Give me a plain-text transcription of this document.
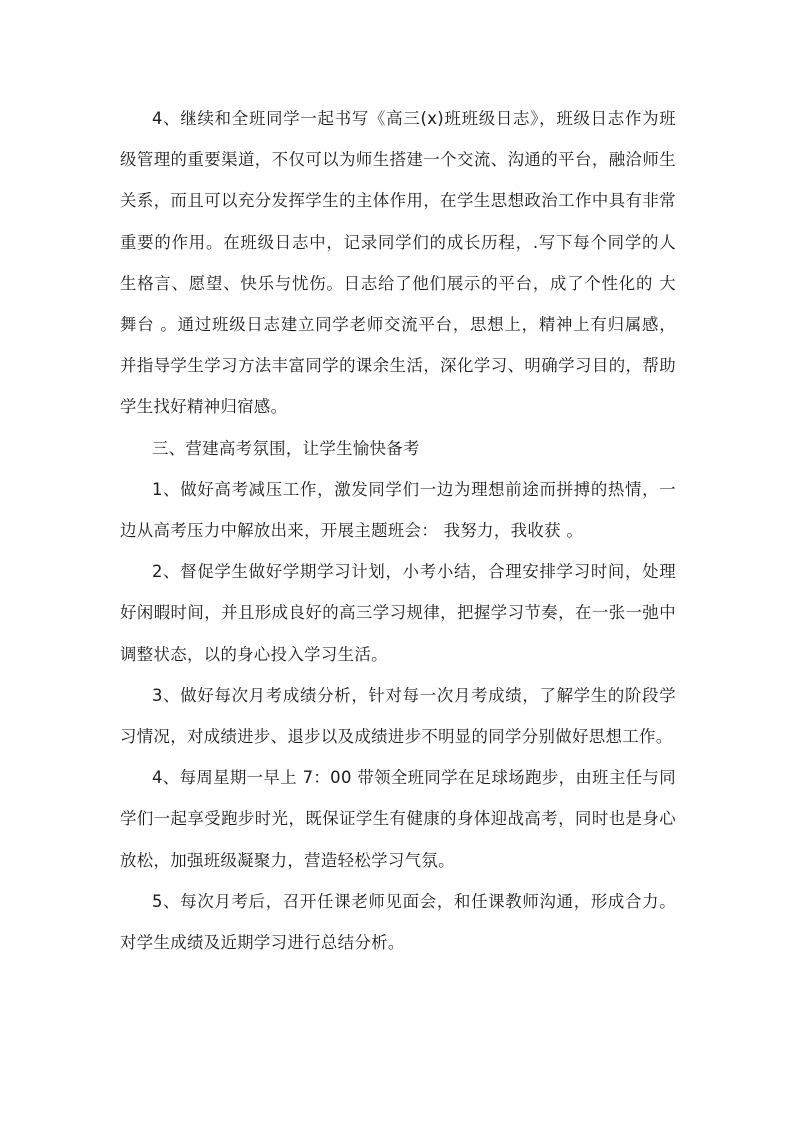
4、继续和全班同学一起书写《高三(x)班班级日志》，班级日志作为班级管理的重要渠道，不仅可以为师生搭建一个交流、沟通的平台，融洽师生关系，而且可以充分发挥学生的主体作用，在学生思想政治工作中具有非常重要的作用。在班级日志中，记录同学们的成长历程，.写下每个同学的人生格言、愿望、快乐与忧伤。日志给了他们展示的平台，成了个性化的 大舞台 。通过班级日志建立同学老师交流平台，思想上，精神上有归属感，并指导学生学习方法丰富同学的课余生活，深化学习、明确学习目的，帮助学生找好精神归宿感。

三、营建高考氛围，让学生愉快备考

1、做好高考减压工作，激发同学们一边为理想前途而拼搏的热情，一边从高考压力中解放出来，开展主题班会： 我努力，我收获 。

2、督促学生做好学期学习计划，小考小结，合理安排学习时间，处理好闲暇时间，并且形成良好的高三学习规律，把握学习节奏，在一张一弛中调整状态，以的身心投入学习生活。

3、做好每次月考成绩分析，针对每一次月考成绩，了解学生的阶段学习情况，对成绩进步、退步以及成绩进步不明显的同学分别做好思想工作。

4、每周星期一早上 7：00 带领全班同学在足球场跑步，由班主任与同学们一起享受跑步时光，既保证学生有健康的身体迎战高考，同时也是身心放松，加强班级凝聚力，营造轻松学习气氛。

5、每次月考后，召开任课老师见面会，和任课教师沟通，形成合力。对学生成绩及近期学习进行总结分析。
